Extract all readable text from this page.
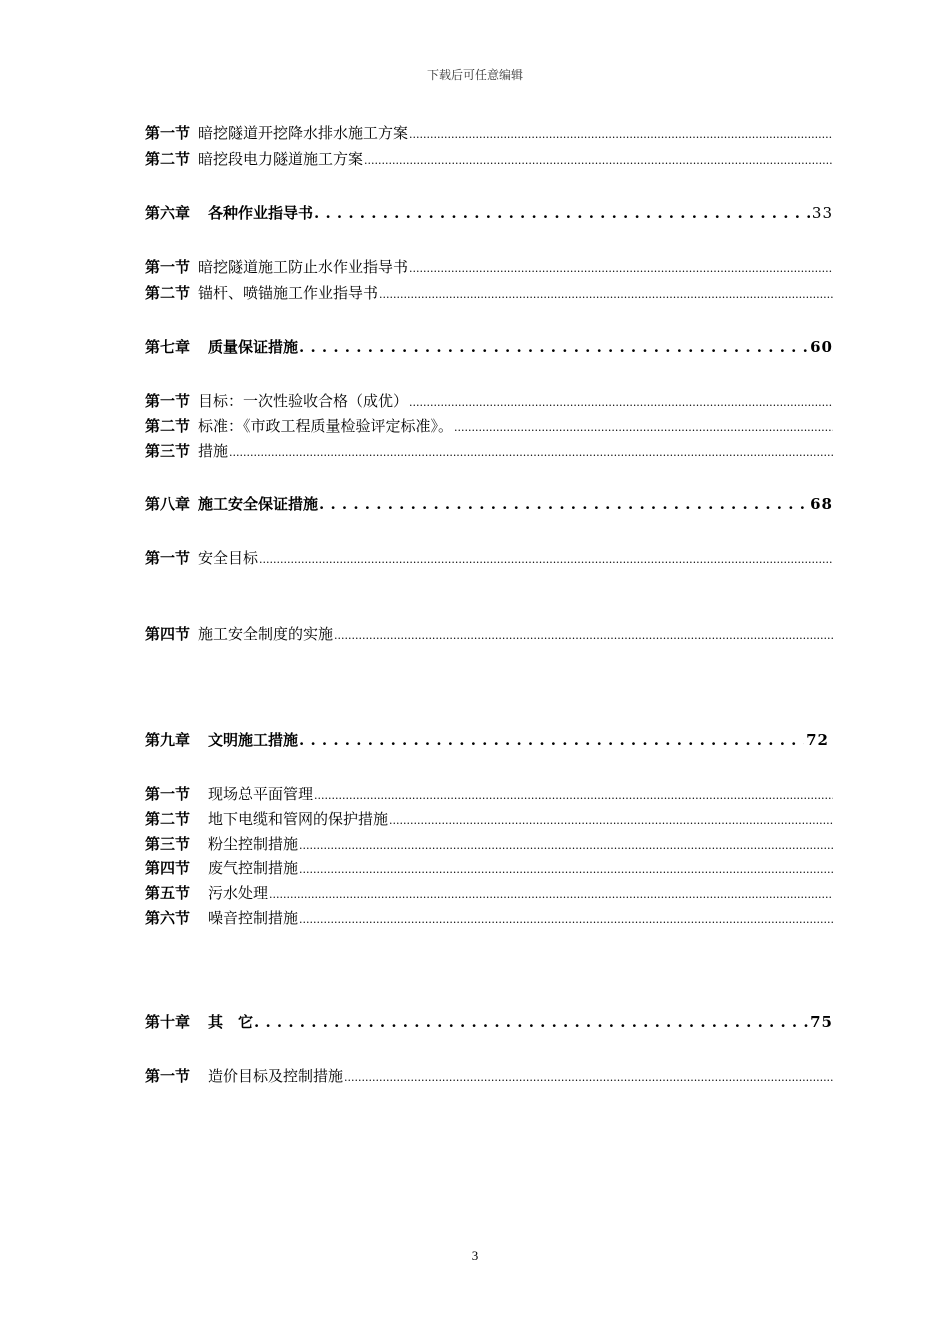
下载后可任意编辑
第一节 暗挖隧道开挖降水排水施工方案
.....
第二节 暗挖段电力隧道施工方案
.....
第六章 各种作业指导书 . . .	33
第一节 暗挖隧道施工防止水作业指导书
.....
第二节 锚杆、喷锚施工作业指导书
.....
第七章 质量保证措施 . . .	60
第一节 目标：一次性验收合格（成优）
.....
第二节 标准：《市政工程质量检验评定标准》。
.....
第三节 措施
.....
第八章 施工安全保证措施 . . .	68
第一节 安全目标
.....
第四节 施工安全制度的实施
.....
第九章 文明施工措施 . . .	72
第一节 现场总平面管理
.....
第二节 地下电缆和管网的保护措施
.....
第三节 粉尘控制措施
.....
第四节 废气控制措施
.....
第五节 污水处理
.....
第六节 噪音控制措施
.....
第十章 其　它 . . .	75
第一节 造价目标及控制措施
.....
3
